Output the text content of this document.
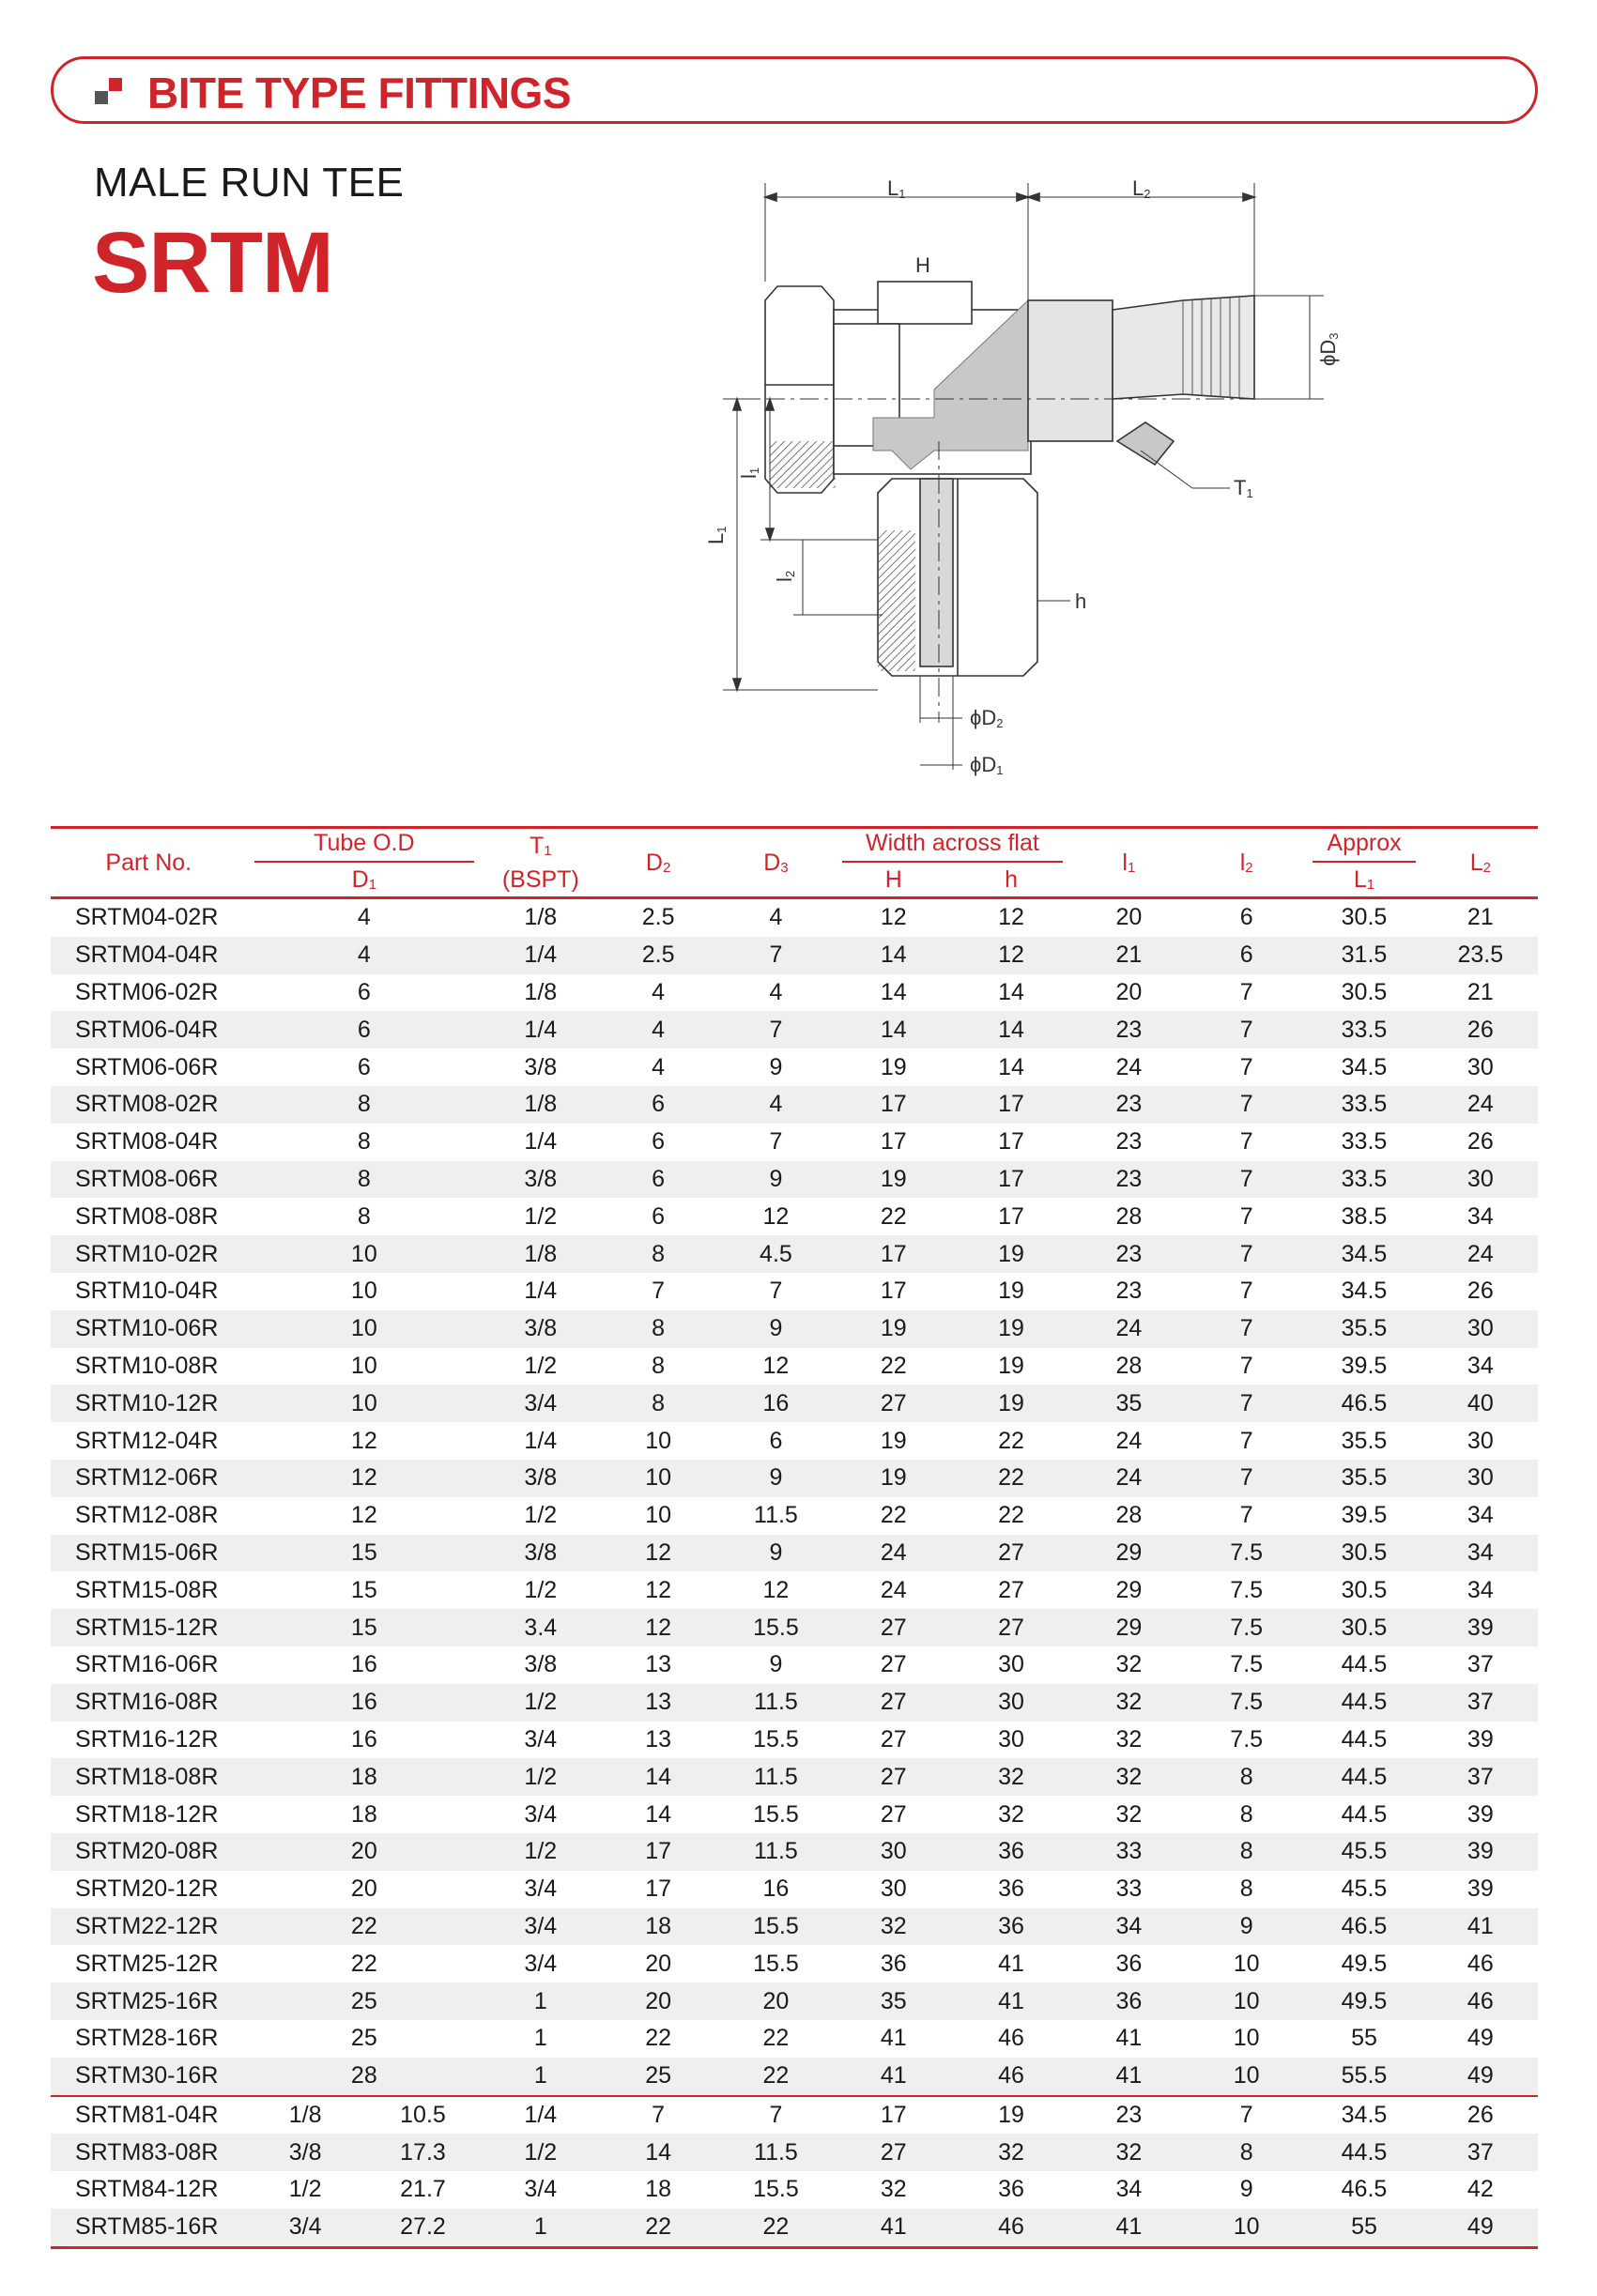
BITE TYPE FITTINGS
MALE RUN TEE
SRTM
L1	L2
H
ϕD3
T1
l1
l2
L1
h
ϕD2
ϕD1
Part No.	Tube O.D		$T_1$	$D_2$	$D_3$	Width across flat		$l_1$	$l_2$	Approx	$L_2$
	$D_1$		(BSPT)			H	h			$L_1$
SRTM04-02R	4		1/8	2.5	4	12	12	20	6	30.5	21
SRTM04-04R	4		1/4	2.5	7	14	12	21	6	31.5	23.5
SRTM06-02R	6		1/8	4	4	14	14	20	7	30.5	21
SRTM06-04R	6		1/4	4	7	14	14	23	7	33.5	26
SRTM06-06R	6		3/8	4	9	19	14	24	7	34.5	30
SRTM08-02R	8		1/8	6	4	17	17	23	7	33.5	24
SRTM08-04R	8		1/4	6	7	17	17	23	7	33.5	26
SRTM08-06R	8		3/8	6	9	19	17	23	7	33.5	30
SRTM08-08R	8		1/2	6	12	22	17	28	7	38.5	34
SRTM10-02R	10		1/8	8	4.5	17	19	23	7	34.5	24
SRTM10-04R	10		1/4	7	7	17	19	23	7	34.5	26
SRTM10-06R	10		3/8	8	9	19	19	24	7	35.5	30
SRTM10-08R	10		1/2	8	12	22	19	28	7	39.5	34
SRTM10-12R	10		3/4	8	16	27	19	35	7	46.5	40
SRTM12-04R	12		1/4	10	6	19	22	24	7	35.5	30
SRTM12-06R	12		3/8	10	9	19	22	24	7	35.5	30
SRTM12-08R	12		1/2	10	11.5	22	22	28	7	39.5	34
SRTM15-06R	15		3/8	12	9	24	27	29	7.5	30.5	34
SRTM15-08R	15		1/2	12	12	24	27	29	7.5	30.5	34
SRTM15-12R	15		3.4	12	15.5	27	27	29	7.5	30.5	39
SRTM16-06R	16		3/8	13	9	27	30	32	7.5	44.5	37
SRTM16-08R	16		1/2	13	11.5	27	30	32	7.5	44.5	37
SRTM16-12R	16		3/4	13	15.5	27	30	32	7.5	44.5	39
SRTM18-08R	18		1/2	14	11.5	27	32	32	8	44.5	37
SRTM18-12R	18		3/4	14	15.5	27	32	32	8	44.5	39
SRTM20-08R	20		1/2	17	11.5	30	36	33	8	45.5	39
SRTM20-12R	20		3/4	17	16	30	36	33	8	45.5	39
SRTM22-12R	22		3/4	18	15.5	32	36	34	9	46.5	41
SRTM25-12R	22		3/4	20	15.5	36	41	36	10	49.5	46
SRTM25-16R	25		1	20	20	35	41	36	10	49.5	46
SRTM28-16R	25		1	22	22	41	46	41	10	55	49
SRTM30-16R	28		1	25	22	41	46	41	10	55.5	49
SRTM81-04R	1/8	10.5	1/4	7	7	17	19	23	7	34.5	26
SRTM83-08R	3/8	17.3	1/2	14	11.5	27	32	32	8	44.5	37
SRTM84-12R	1/2	21.7	3/4	18	15.5	32	36	34	9	46.5	42
SRTM85-16R	3/4	27.2	1	22	22	41	46	41	10	55	49
